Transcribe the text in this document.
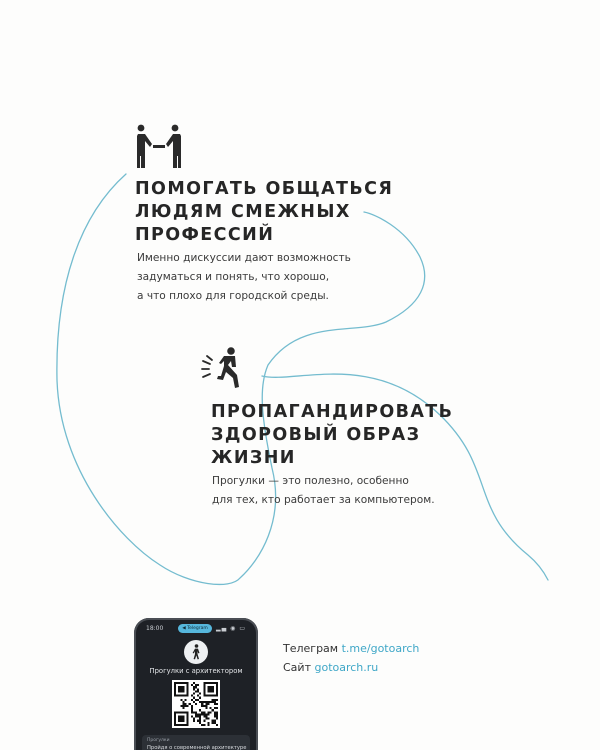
ПОМОГАТЬ ОБЩАТЬСЯ
ЛЮДЯМ СМЕЖНЫХ
ПРОФЕССИЙ

Именно дискуссии дают возможность
задуматься и понять, что хорошо,
а что плохо для городской среды.

ПРОПАГАНДИРОВАТЬ
ЗДОРОВЫЙ ОБРАЗ
ЖИЗНИ

Прогулки — это полезно, особенно
для тех, кто работает за компьютером.

18:00	◀ Telegram	▂▄ ◉ ▭
Прогулки с архитектором
Прогулки
Пройдя о современной архитектуре
Телеграм t.me/gotoarch
Сайт gotoarch.ru
